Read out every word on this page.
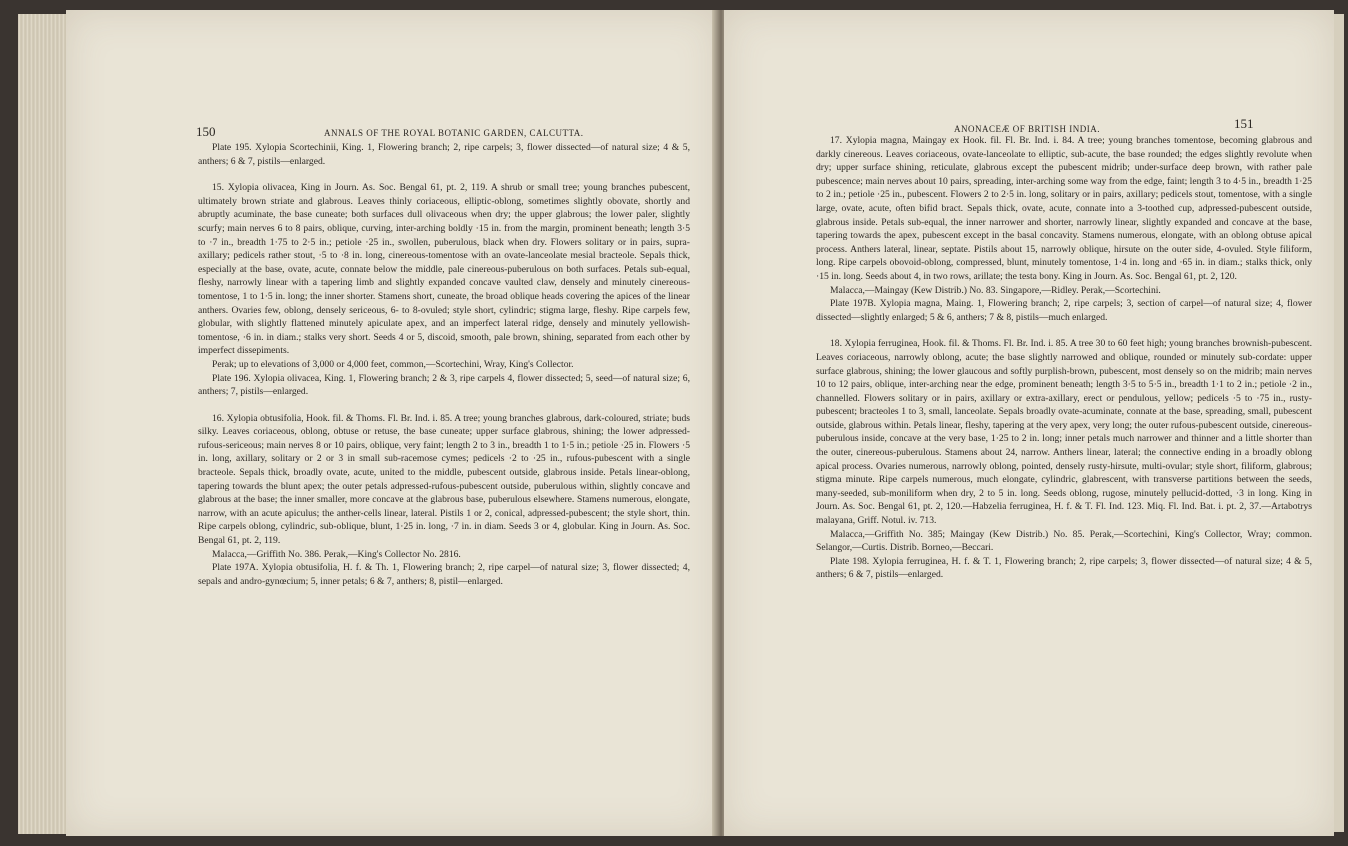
150	ANNALS OF THE ROYAL BOTANIC GARDEN, CALCUTTA.

Plate 195. Xylopia Scortechinii, King. 1, Flowering branch; 2, ripe carpels; 3, flower dissected—of natural size; 4 & 5, anthers; 6 & 7, pistils—enlarged.

15. Xylopia olivacea, King in Journ. As. Soc. Bengal 61, pt. 2, 119. A shrub or small tree; young branches pubescent, ultimately brown striate and glabrous. Leaves thinly coriaceous, elliptic-oblong, sometimes slightly obovate, shortly and abruptly acuminate, the base cuneate; both surfaces dull olivaceous when dry; the upper glabrous; the lower paler, slightly scurfy; main nerves 6 to 8 pairs, oblique, curving, inter-arching boldly ·15 in. from the margin, prominent beneath; length 3·5 to ·7 in., breadth 1·75 to 2·5 in.; petiole ·25 in., swollen, puberulous, black when dry. Flowers solitary or in pairs, supra-axillary; pedicels rather stout, ·5 to ·8 in. long, cinereous-tomentose with an ovate-lanceolate mesial bracteole. Sepals thick, especially at the base, ovate, acute, connate below the middle, pale cinereous-puberulous on both surfaces. Petals sub-equal, fleshy, narrowly linear with a tapering limb and slightly expanded concave vaulted claw, densely and minutely cinereous-tomentose, 1 to 1·5 in. long; the inner shorter. Stamens short, cuneate, the broad oblique heads covering the apices of the linear anthers. Ovaries few, oblong, densely sericeous, 6- to 8-ovuled; style short, cylindric; stigma large, fleshy. Ripe carpels few, globular, with slightly flattened minutely apiculate apex, and an imperfect lateral ridge, densely and minutely yellowish-tomentose, ·6 in. in diam.; stalks very short. Seeds 4 or 5, discoid, smooth, pale brown, shining, separated from each other by imperfect dissepiments.

Perak; up to elevations of 3,000 or 4,000 feet, common,—Scortechini, Wray, King's Collector.

Plate 196. Xylopia olivacea, King. 1, Flowering branch; 2 & 3, ripe carpels 4, flower dissected; 5, seed—of natural size; 6, anthers; 7, pistils—enlarged.

16. Xylopia obtusifolia, Hook. fil. & Thoms. Fl. Br. Ind. i. 85. A tree; young branches glabrous, dark-coloured, striate; buds silky. Leaves coriaceous, oblong, obtuse or retuse, the base cuneate; upper surface glabrous, shining; the lower adpressed-rufous-sericeous; main nerves 8 or 10 pairs, oblique, very faint; length 2 to 3 in., breadth 1 to 1·5 in.; petiole ·25 in. Flowers ·5 in. long, axillary, solitary or 2 or 3 in small sub-racemose cymes; pedicels ·2 to ·25 in., rufous-pubescent with a single bracteole. Sepals thick, broadly ovate, acute, united to the middle, pubescent outside, glabrous inside. Petals linear-oblong, tapering towards the blunt apex; the outer petals adpressed-rufous-pubescent outside, puberulous within, slightly concave and glabrous at the base; the inner smaller, more concave at the glabrous base, puberulous elsewhere. Stamens numerous, elongate, narrow, with an acute apiculus; the anther-cells linear, lateral. Pistils 1 or 2, conical, adpressed-pubescent; the style short, thin. Ripe carpels oblong, cylindric, sub-oblique, blunt, 1·25 in. long, ·7 in. in diam. Seeds 3 or 4, globular. King in Journ. As. Soc. Bengal 61, pt. 2, 119.

Malacca,—Griffith No. 386. Perak,—King's Collector No. 2816.

Plate 197A. Xylopia obtusifolia, H. f. & Th. 1, Flowering branch; 2, ripe carpel—of natural size; 3, flower dissected; 4, sepals and andro-gynœcium; 5, inner petals; 6 & 7, anthers; 8, pistil—enlarged.

ANONACEÆ OF BRITISH INDIA.	151

17. Xylopia magna, Maingay ex Hook. fil. Fl. Br. Ind. i. 84. A tree; young branches tomentose, becoming glabrous and darkly cinereous. Leaves coriaceous, ovate-lanceolate to elliptic, sub-acute, the base rounded; the edges slightly revolute when dry; upper surface shining, reticulate, glabrous except the pubescent midrib; under-surface deep brown, with rather pale pubescence; main nerves about 10 pairs, spreading, inter-arching some way from the edge, faint; length 3 to 4·5 in., breadth 1·25 to 2 in.; petiole ·25 in., pubescent. Flowers 2 to 2·5 in. long, solitary or in pairs, axillary; pedicels stout, tomentose, with a single large, ovate, acute, often bifid bract. Sepals thick, ovate, acute, connate into a 3-toothed cup, adpressed-pubescent outside, glabrous inside. Petals sub-equal, the inner narrower and shorter, narrowly linear, slightly expanded and concave at the base, tapering towards the apex, pubescent except in the basal concavity. Stamens numerous, elongate, with an oblong obtuse apical process. Anthers lateral, linear, septate. Pistils about 15, narrowly oblique, hirsute on the outer side, 4-ovuled. Style filiform, long. Ripe carpels obovoid-oblong, compressed, blunt, minutely tomentose, 1·4 in. long and ·65 in. in diam.; stalks thick, only ·15 in. long. Seeds about 4, in two rows, arillate; the testa bony. King in Journ. As. Soc. Bengal 61, pt. 2, 120.

Malacca,—Maingay (Kew Distrib.) No. 83. Singapore,—Ridley. Perak,—Scortechini.

Plate 197B. Xylopia magna, Maing. 1, Flowering branch; 2, ripe carpels; 3, section of carpel—of natural size; 4, flower dissected—slightly enlarged; 5 & 6, anthers; 7 & 8, pistils—much enlarged.

18. Xylopia ferruginea, Hook. fil. & Thoms. Fl. Br. Ind. i. 85. A tree 30 to 60 feet high; young branches brownish-pubescent. Leaves coriaceous, narrowly oblong, acute; the base slightly narrowed and oblique, rounded or minutely sub-cordate: upper surface glabrous, shining; the lower glaucous and softly purplish-brown, pubescent, most densely so on the midrib; main nerves 10 to 12 pairs, oblique, inter-arching near the edge, prominent beneath; length 3·5 to 5·5 in., breadth 1·1 to 2 in.; petiole ·2 in., channelled. Flowers solitary or in pairs, axillary or extra-axillary, erect or pendulous, yellow; pedicels ·5 to ·75 in., rusty-pubescent; bracteoles 1 to 3, small, lanceolate. Sepals broadly ovate-acuminate, connate at the base, spreading, small, pubescent outside, glabrous within. Petals linear, fleshy, tapering at the very apex, very long; the outer rufous-pubescent outside, cinereous-puberulous inside, concave at the very base, 1·25 to 2 in. long; inner petals much narrower and thinner and a little shorter than the outer, cinereous-puberulous. Stamens about 24, narrow. Anthers linear, lateral; the connective ending in a broadly oblong apical process. Ovaries numerous, narrowly oblong, pointed, densely rusty-hirsute, multi-ovular; style short, filiform, glabrous; stigma minute. Ripe carpels numerous, much elongate, cylindric, glabrescent, with transverse partitions between the seeds, many-seeded, sub-moniliform when dry, 2 to 5 in. long. Seeds oblong, rugose, minutely pellucid-dotted, ·3 in long. King in Journ. As. Soc. Bengal 61, pt. 2, 120.—Habzelia ferruginea, H. f. & T. Fl. Ind. 123. Miq. Fl. Ind. Bat. i. pt. 2, 37.—Artabotrys malayana, Griff. Notul. iv. 713.

Malacca,—Griffith No. 385; Maingay (Kew Distrib.) No. 85. Perak,—Scortechini, King's Collector, Wray; common. Selangor,—Curtis. Distrib. Borneo,—Beccari.

Plate 198. Xylopia ferruginea, H. f. & T. 1, Flowering branch; 2, ripe carpels; 3, flower dissected—of natural size; 4 & 5, anthers; 6 & 7, pistils—enlarged.
